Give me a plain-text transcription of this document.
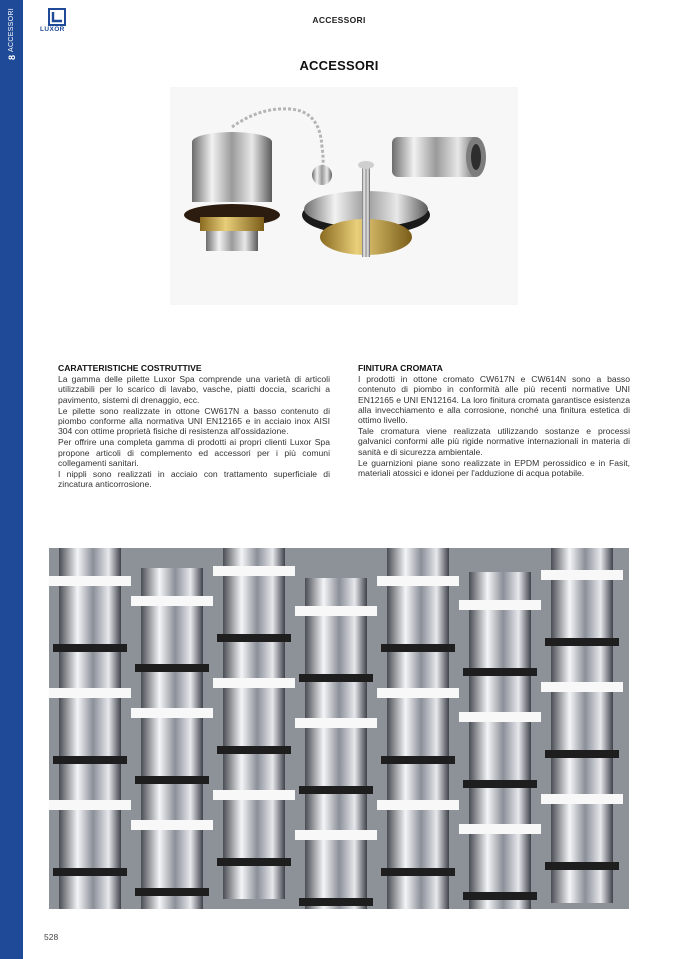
ACCESSORI
8
LUXOR
ACCESSORI
ACCESSORI
CARATTERISTICHE COSTRUTTIVE

La gamma delle pilette Luxor Spa comprende una varietà di articoli utilizzabili per lo scarico di lavabo, vasche, piatti doccia, scarichi a pavimento, sistemi di drenaggio, ecc.

Le pilette sono realizzate in ottone CW617N a basso contenuto di piombo conforme alla normativa UNI EN12165 e in acciaio inox AISI 304 con ottime proprietà fisiche di resistenza all'ossidazione.

Per offrire una completa gamma di prodotti ai propri clienti Luxor Spa propone articoli di complemento ed accessori per i più comuni collegamenti sanitari.

I nippli sono realizzati in acciaio con trattamento superficiale di zincatura anticorrosione.

FINITURA CROMATA

I prodotti in ottone cromato CW617N e CW614N sono a basso contenuto di piombo in conformità alle più recenti normative UNI EN12165 e UNI EN12164. La loro finitura cromata garantisce esistenza alla invecchiamento e alla corrosione, nonché una finitura estetica di ottimo livello.

Tale cromatura viene realizzata utilizzando sostanze e processi galvanici conformi alle più rigide normative internazionali in materia di sanità e di sicurezza ambientale.

Le guarnizioni piane sono realizzate in EPDM perossidico e in Fasit, materiali atossici e idonei per l'adduzione di acqua potabile.

528
